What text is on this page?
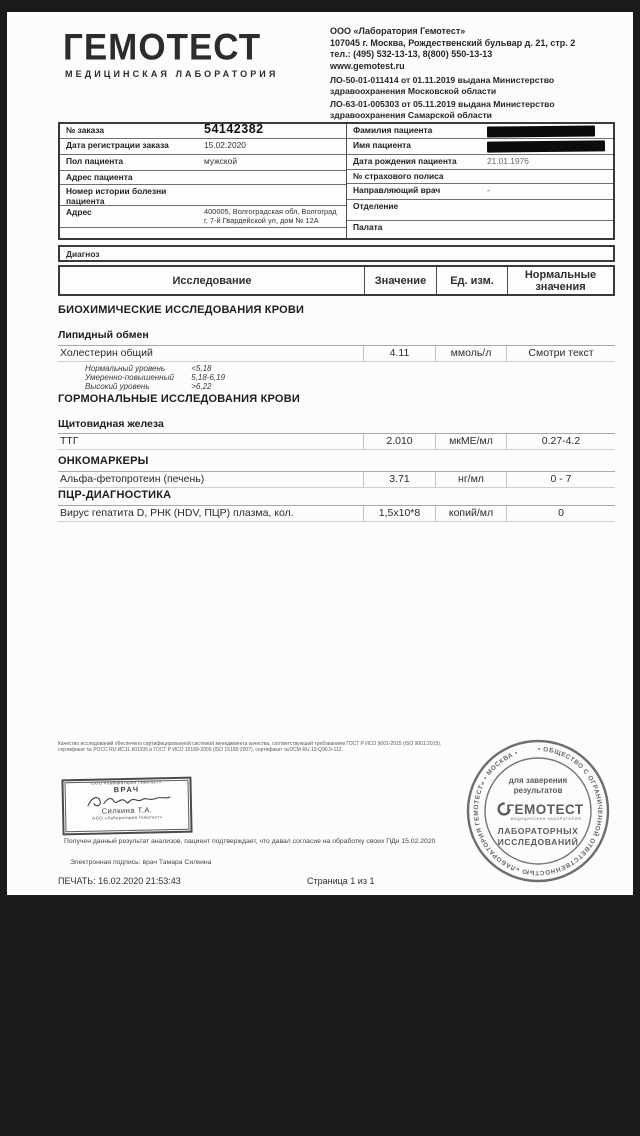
ГЕМОТЕСТ
МЕДИЦИНСКАЯ ЛАБОРАТОРИЯ
ООО «Лаборатория Гемотест»
107045 г. Москва, Рождественский бульвар д. 21, стр. 2
тел.: (495) 532-13-13, 8(800) 550-13-13
www.gemotest.ru
ЛО-50-01-011414 от 01.11.2019 выдана Министерство здравоохранения Московской области
ЛО-63-01-005303 от 05.11.2019 выдана Министерство здравоохранения Самарской области
№ заказа	54142382
Дата регистрации заказа	15.02.2020
Пол пациента	мужской
Адрес пациента
Номер истории болезни пациента
Адрес	400005, Волгоградская обл, Волгоград г, 7-й Гвардейской ул, дом № 12А
Фамилия пациента
Имя пациента
Дата рождения пациента	21.01.1976
№ страхового полиса
Направляющий врач	-
Отделение
Палата
Диагноз
Исследование	Значение	Ед. изм.	Нормальные значения
БИОХИМИЧЕСКИЕ ИССЛЕДОВАНИЯ КРОВИ
Липидный обмен
Холестерин общий	4.11	ммоль/л	Смотри текст
Нормальный уровень	<5,18
Умеренно-повышенный 5,18-6,19
Высокий уровень	>6,22
ГОРМОНАЛЬНЫЕ ИССЛЕДОВАНИЯ КРОВИ
Щитовидная железа
ТТГ	2.010	мкМЕ/мл	0.27-4.2
ОНКОМАРКЕРЫ
Альфа-фетопротеин (печень)	3.71	нг/мл	0 - 7
ПЦР-ДИАГНОСТИКА
Вирус гепатита D, РНК (HDV, ПЦР) плазма, кол.	1,5x10*8	копий/мл	0
Качество исследований обеспечено сертифицированной системой менеджмента качества, соответствующей требованиям ГОСТ Р ИСО 9001-2015 (ISO 9001:2015), сертификат № РОСС RU.ИС11.К01105 и ГОСТ Р ИСО 15189-2009 (ISO 15189:2007), сертификат №ОСМ RU.13-Q96.9-112.
ООО «Лаборатория Гемотест»
ВРАЧ
Силкина Т.А.
ООО «Лаборатория Гемотест»
• ОБЩЕСТВО С ОГРАНИЧЕННОЙ ОТВЕТСТВЕННОСТЬЮ «ЛАБОРАТОРИЯ ГЕМОТЕСТ» • МОСКВА •
для заверения
результатов
ГЕМОТЕСТ
МЕДИЦИНСКАЯ ЛАБОРАТОРИЯ
ЛАБОРАТОРНЫХ
ИССЛЕДОВАНИЙ
Получен данный результат анализов, пациент подтверждает, что давал согласие на обработку своих ПДн 15.02.2020
Электронная подпись: врач Тамара Силкина
ПЕЧАТЬ: 16.02.2020 21:53:43	Страница 1 из 1
